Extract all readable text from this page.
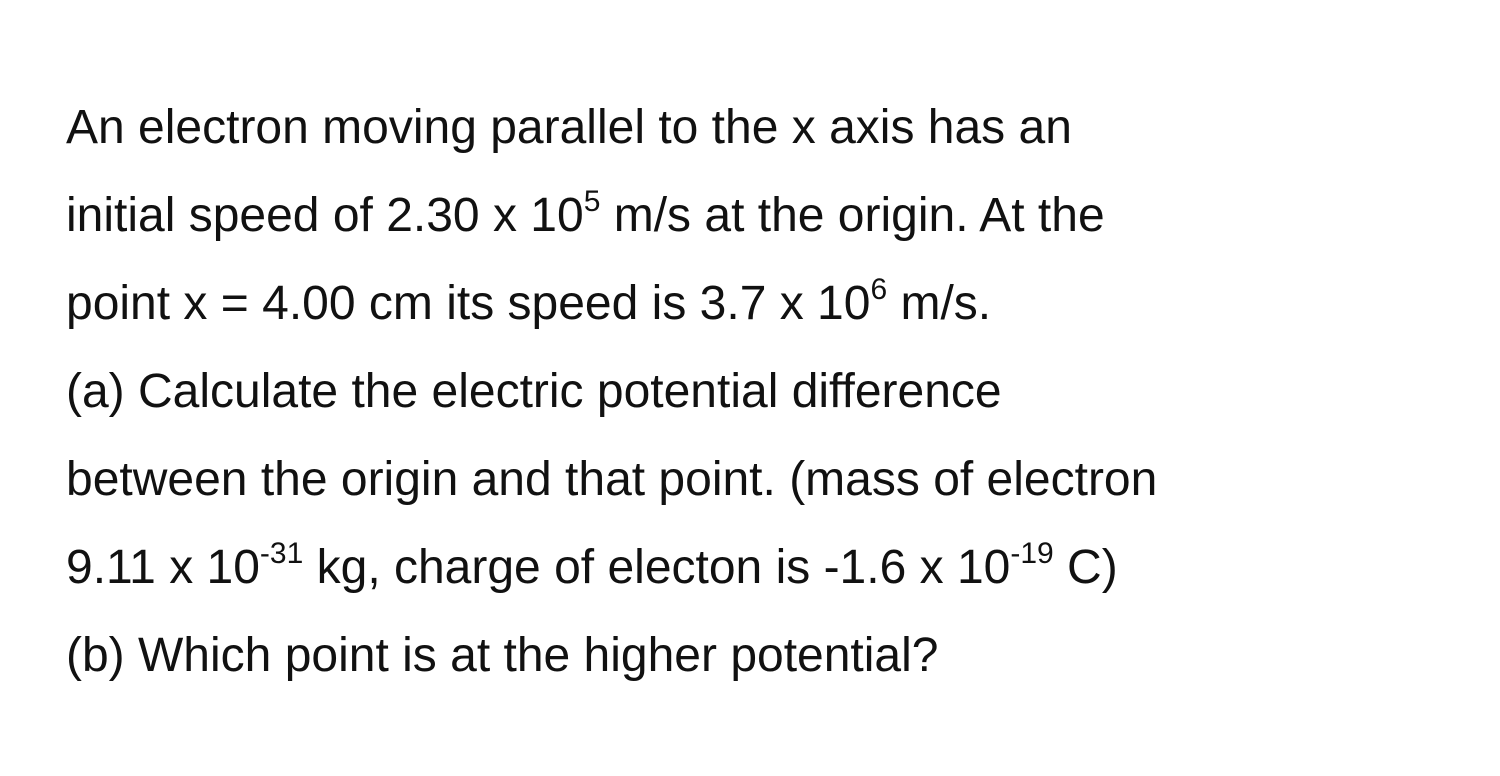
An electron moving parallel to the x axis has an
initial speed of 2.30 x $10^5$ m/s at the origin. At the
point x = 4.00 cm its speed is 3.7 x $10^6$ m/s.
(a) Calculate the electric potential difference
between the origin and that point. (mass of electron
9.11 x $10^{-31}$ kg, charge of electon is -1.6 x $10^{-19}$ C)
(b) Which point is at the higher potential?
